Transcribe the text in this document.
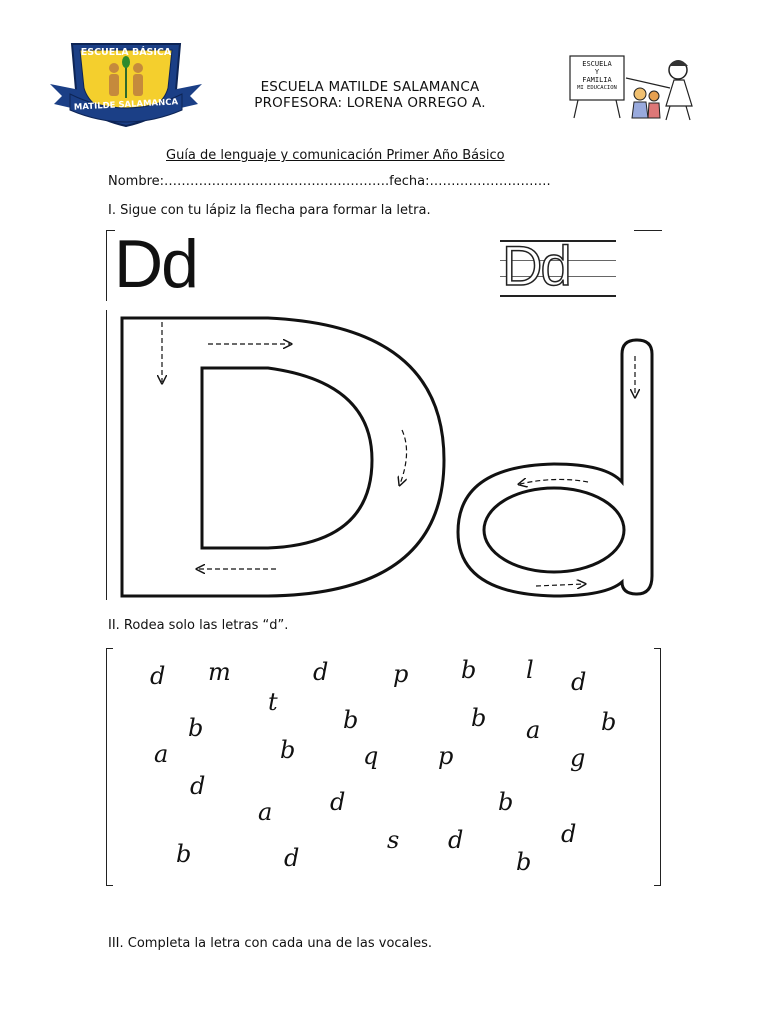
ESCUELA BÁSICA
MATILDE SALAMANCA
ESCUELA MATILDE SALAMANCA
PROFESORA: LORENA ORREGO A.
ESCUELA
Y
FAMILIA
MI EDUCACION
Guía de lenguaje y comunicación Primer Año Básico
Nombre:…………………………………………….fecha:……………………….
I. Sigue con tu lápiz la flecha para formar la letra.
Dd	Dd
II. Rodea solo las letras “d”.
d m	d	p b l d
t
b	b	a
b
a
b
q p	g
d
a d
b
b
d
s d	d
b	b
III. Completa la letra con cada una de las vocales.
